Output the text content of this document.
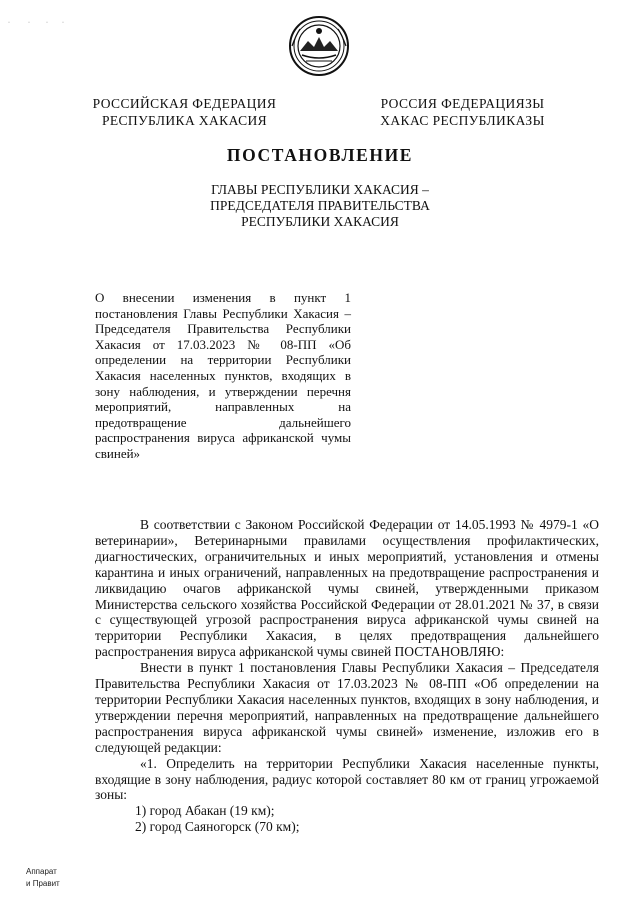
·	·	· ·
РОССИЙСКАЯ ФЕДЕРАЦИЯ
РЕСПУБЛИКА ХАКАСИЯ
РОССИЯ ФЕДЕРАЦИЯЗЫ
ХАКАС РЕСПУБЛИКАЗЫ
ПОСТАНОВЛЕНИЕ
ГЛАВЫ РЕСПУБЛИКИ ХАКАСИЯ –
ПРЕДСЕДАТЕЛЯ ПРАВИТЕЛЬСТВА
РЕСПУБЛИКИ ХАКАСИЯ
О внесении изменения в пункт 1 постановления Главы Республики Хакасия – Председателя Правительства Республики Хакасия от 17.03.2023 № 08-ПП «Об определении на территории Республики Хакасия населенных пунктов, входящих в зону наблюдения, и утверждении перечня мероприятий, направленных на предотвращение дальнейшего распространения вируса африканской чумы свиней»

В соответствии с Законом Российской Федерации от 14.05.1993 № 4979-1 «О ветеринарии», Ветеринарными правилами осуществления профилактических, диагностических, ограничительных и иных мероприятий, установления и отмены карантина и иных ограничений, направленных на предотвращение распространения и ликвидацию очагов африканской чумы свиней, утвержденными приказом Министерства сельского хозяйства Российской Федерации от 28.01.2021 № 37, в связи с существующей угрозой распространения вируса африканской чумы свиней на территории Республики Хакасия, в целях предотвращения дальнейшего распространения вируса африканской чумы свиней ПОСТАНОВЛЯЮ:

Внести в пункт 1 постановления Главы Республики Хакасия – Председателя Правительства Республики Хакасия от 17.03.2023 № 08-ПП «Об определении на территории Республики Хакасия населенных пунктов, входящих в зону наблюдения, и утверждении перечня мероприятий, направленных на предотвращение дальнейшего распространения вируса африканской чумы свиней» изменение, изложив его в следующей редакции:

«1. Определить на территории Республики Хакасия населенные пункты, входящие в зону наблюдения, радиус которой составляет 80 км от границ угрожаемой зоны:

1) город Абакан (19 км);

2) город Саяногорск (70 км);

Аппарат
и Правит
